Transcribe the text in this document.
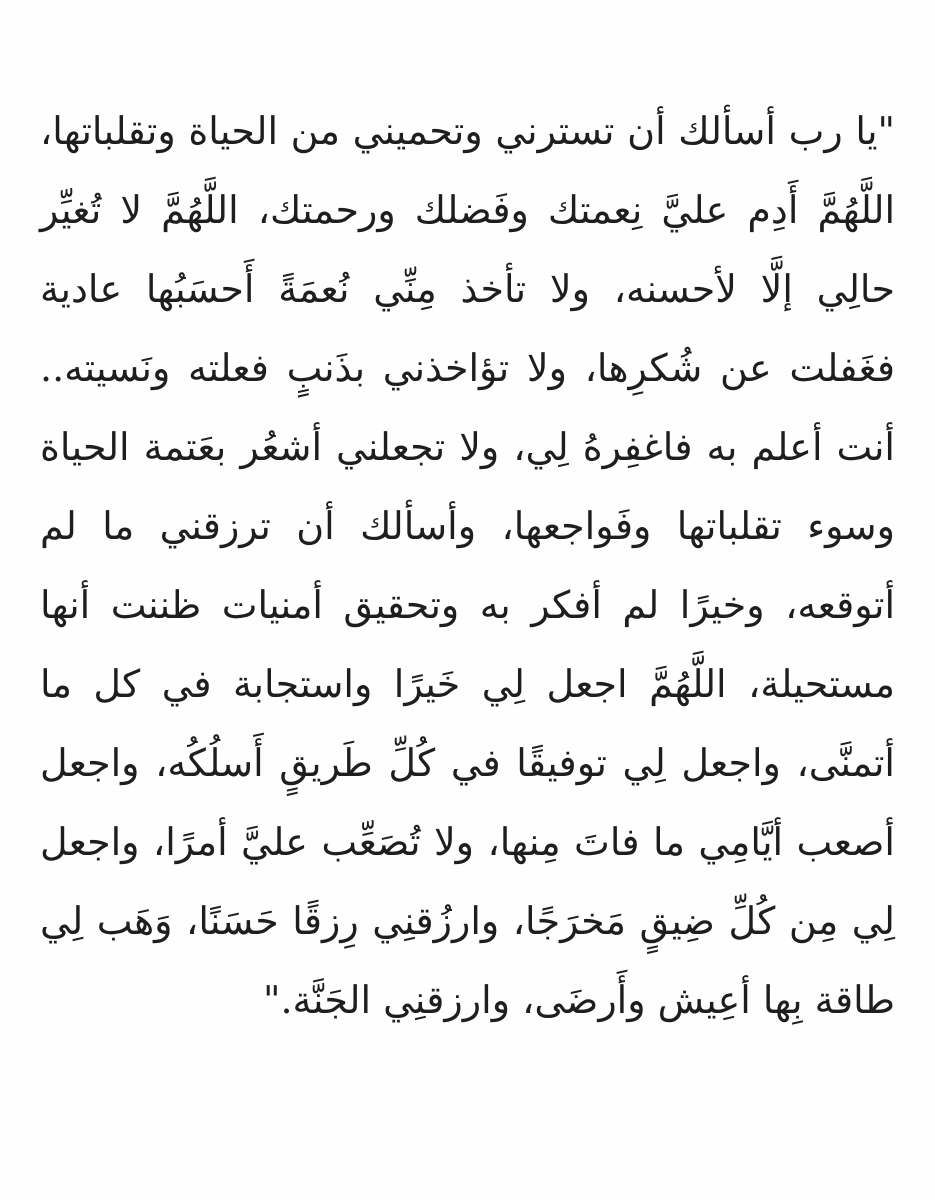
"يا رب أسألك أن تسترني وتحميني من الحياة وتقلباتها،
اللَّهُمَّ أَدِم عليَّ نِعمتك وفَضلك ورحمتك، اللَّهُمَّ لا تُغيِّر
حالِي إلَّا لأحسنه، ولا تأخذ مِنِّي نُعمَةً أَحسَبُها عادية
فغَفلت عن شُكرِها، ولا تؤاخذني بذَنبٍ فعلته ونَسيته..
أنت أعلم به فاغفِرهُ لِي، ولا تجعلني أشعُر بعَتمة الحياة
وسوء تقلباتها وفَواجعها، وأسألك أن ترزقني ما لم
أتوقعه، وخيرًا لم أفكر به وتحقيق أمنيات ظننت أنها
مستحيلة، اللَّهُمَّ اجعل لِي خَيرًا واستجابة في كل ما
أتمنَّى، واجعل لِي توفيقًا في كُلِّ طَريقٍ أَسلُكُه، واجعل
أصعب أيَّامِي ما فاتَ مِنها، ولا تُصَعِّب عليَّ أمرًا، واجعل
لِي مِن كُلِّ ضِيقٍ مَخرَجًا، وارزُقنِي رِزقًا حَسَنًا، وَهَب لِي
طاقة بِها أعِيش وأَرضَى، وارزقنِي الجَنَّة."
